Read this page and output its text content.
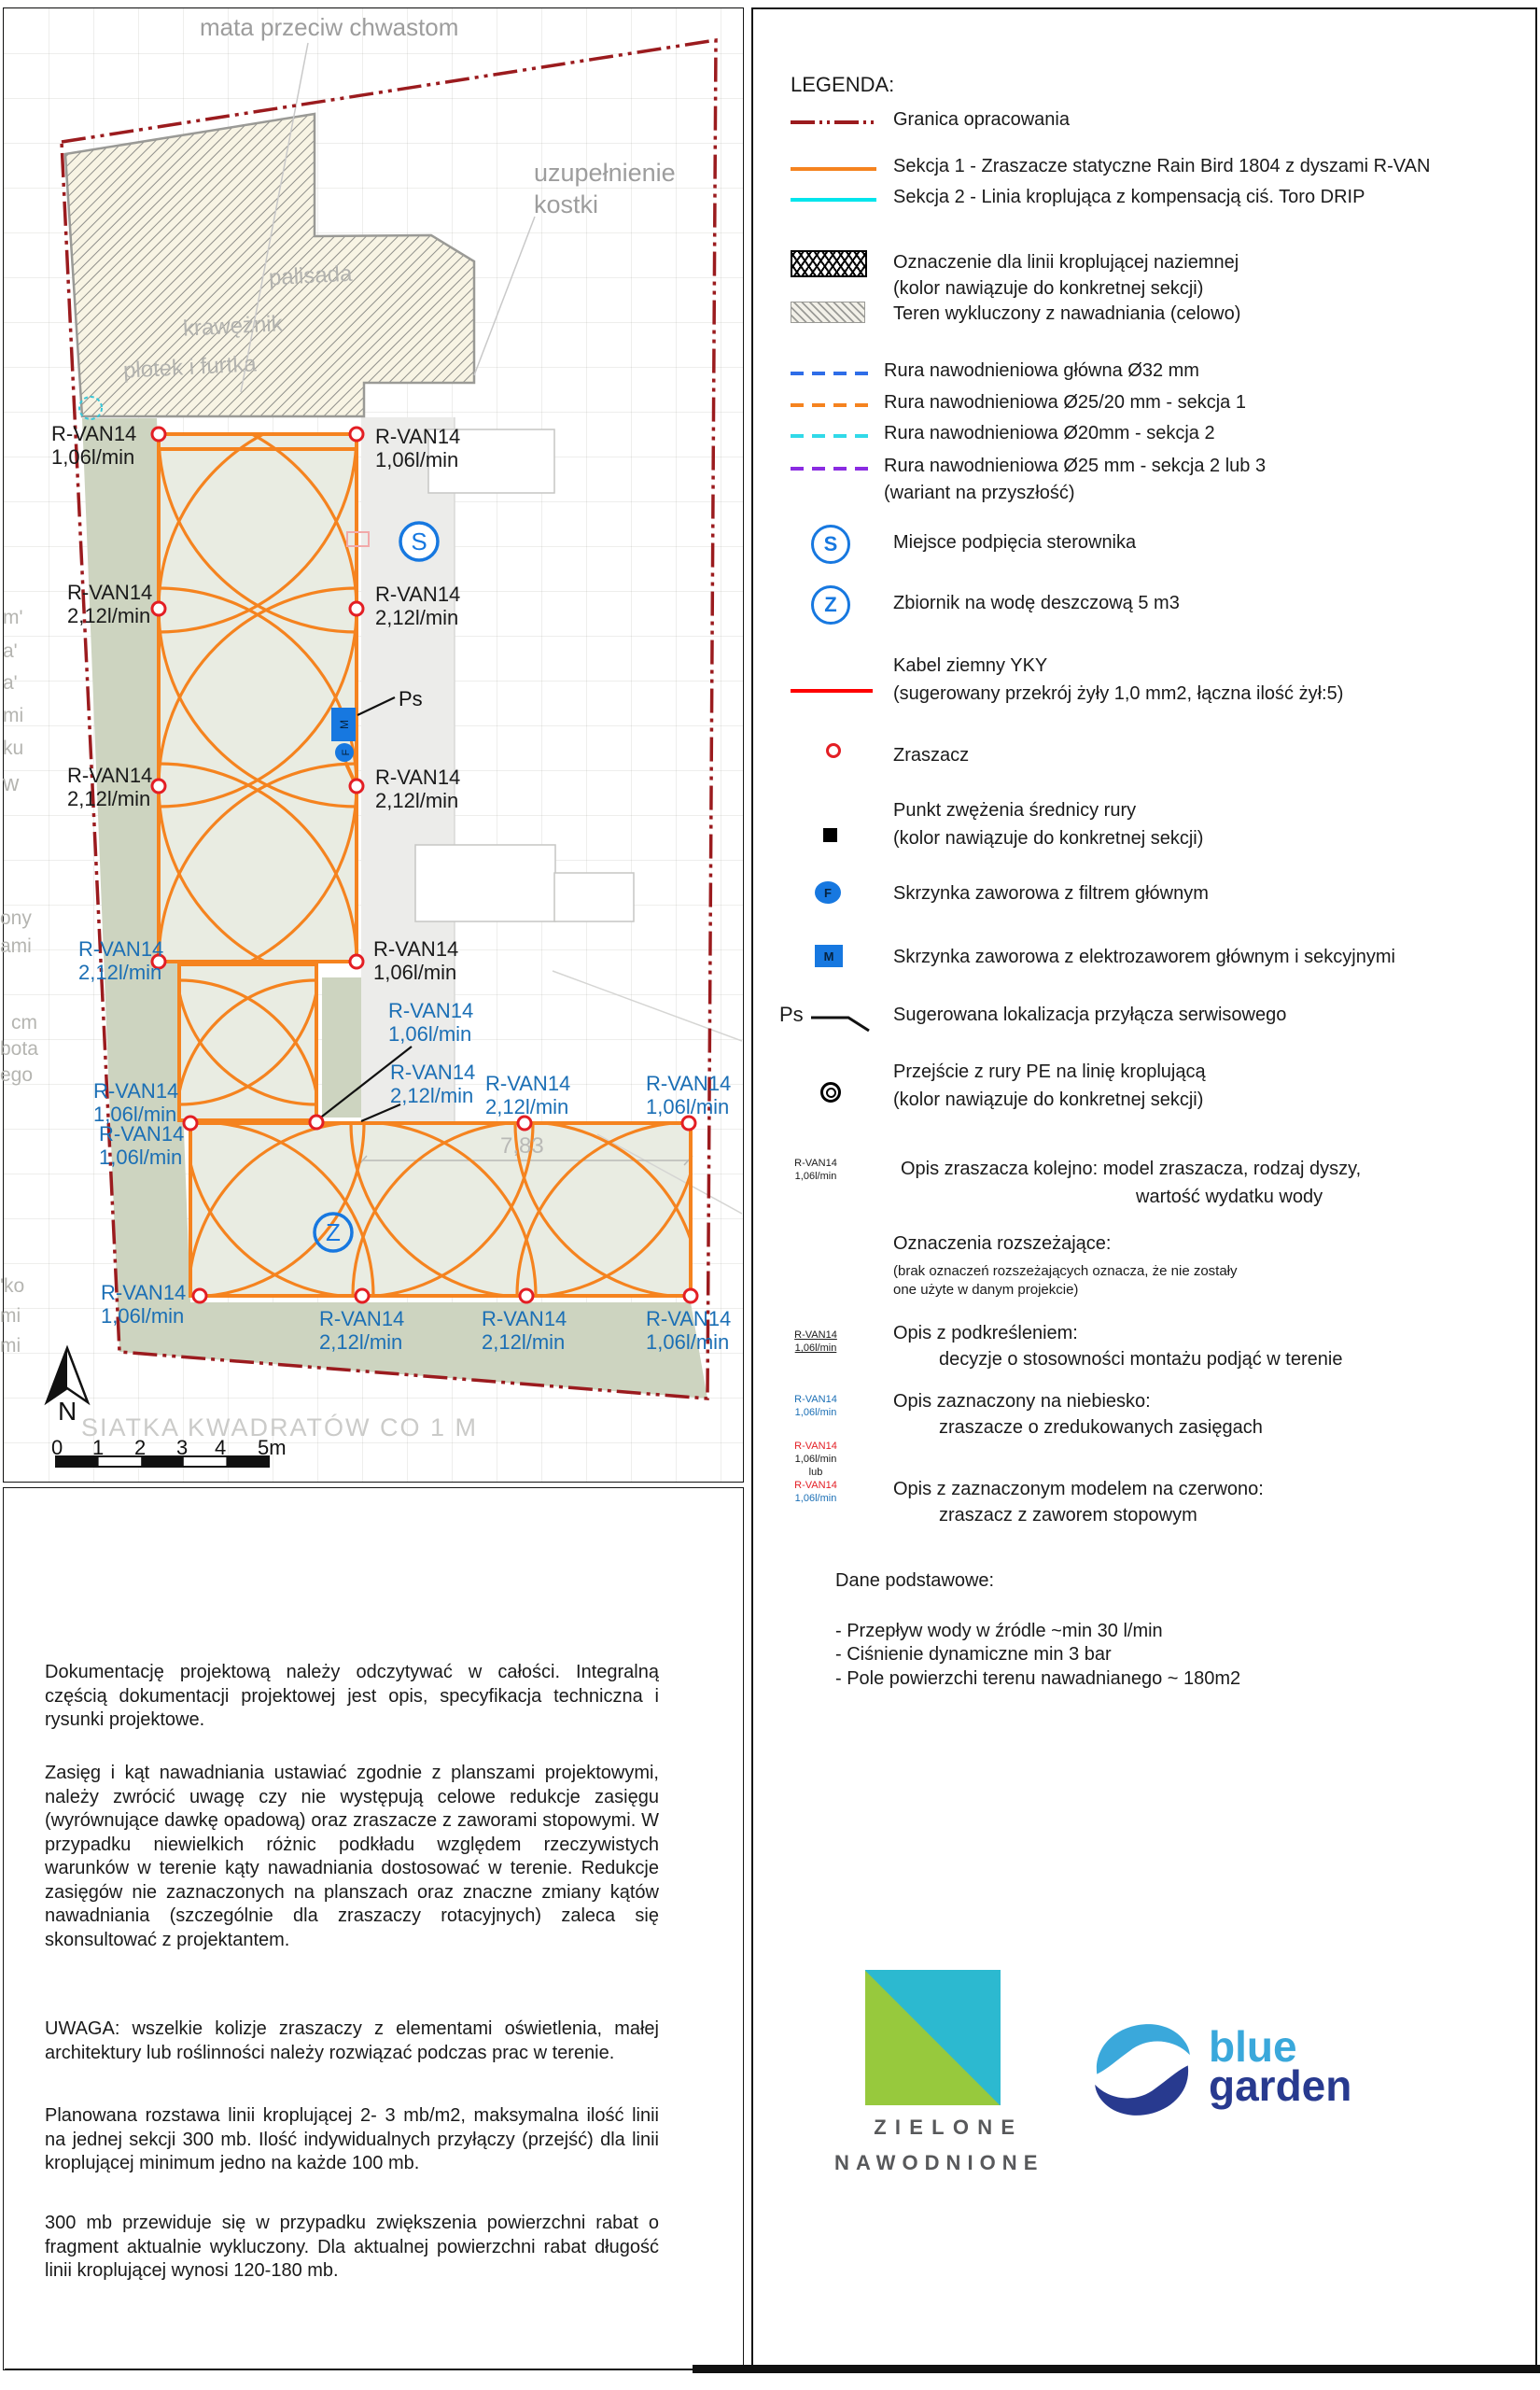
M
F
S
Z
mata przeciw chwastom
uzupełnienie
kostki
palisada
krawężnik
płotek i furtka
7,83
SIATKA KWADRATÓW CO 1 M
N
Ps
0 1 2 3 4 5m
m'
a'
a'
mi
ku
w
ony
ami
cm
bota
ego
'ko
mi
mi
R-VAN14
1,06l/min
R-VAN14
1,06l/min
R-VAN14
2,12l/min
R-VAN14
2,12l/min
R-VAN14
2,12l/min
R-VAN14
2,12l/min
R-VAN14
2,12l/min
R-VAN14
1,06l/min
R-VAN14
1,06l/min
R-VAN14
2,12l/min
R-VAN14
2,12l/min
R-VAN14
1,06l/min
R-VAN14
1,06l/min
R-VAN14
1,06l/min
R-VAN14
1,06l/min	R-VAN14
2,12l/min
R-VAN14
2,12l/min
R-VAN14
1,06l/min
LEGENDA:
Granica opracowania
Sekcja 1 - Zraszacze statyczne Rain Bird 1804 z dyszami R-VAN
Sekcja 2 - Linia kroplująca z kompensacją ciś. Toro DRIP
Oznaczenie dla linii kroplującej naziemnej
(kolor nawiązuje do konkretnej sekcji)
Teren wykluczony z nawadniania (celowo)
Rura nawodnieniowa główna Ø32 mm
Rura nawodnieniowa Ø25/20 mm - sekcja 1
Rura nawodnieniowa Ø20mm - sekcja 2
Rura nawodnieniowa Ø25 mm - sekcja 2 lub 3
(wariant na przyszłość)
S	Miejsce podpięcia sterownika
Z	Zbiornik na wodę deszczową 5 m3
Kabel ziemny YKY
(sugerowany przekrój żyły 1,0 mm2, łączna ilość żył:5)
Zraszacz
Punkt zwężenia średnicy rury
(kolor nawiązuje do konkretnej sekcji)
F	Skrzynka zaworowa z filtrem głównym
M	Skrzynka zaworowa z elektrozaworem głównym i sekcyjnymi
Ps	Sugerowana lokalizacja przyłącza serwisowego
Przejście z rury PE na linię kroplującą
(kolor nawiązuje do konkretnej sekcji)
R-VAN14
1,06l/min	Opis zraszacza kolejno: model zraszacza, rodzaj dyszy,
wartość wydatku wody
Oznaczenia rozszeżające:
(brak oznaczeń rozszeżających oznacza, że nie zostały
one użyte w danym projekcie)
R-VAN14
1,06l/min
Opis z podkreśleniem:
decyzje o stosowności montażu podjąć w terenie
R-VAN14
1,06l/min
Opis zaznaczony na niebiesko:
zraszacze o zredukowanych zasięgach
R-VAN14
1,06l/min
lub
R-VAN14
1,06l/min	Opis z zaznaczonym modelem na czerwono:
zraszacz z zaworem stopowym
Dane podstawowe:
- Przepływ wody w źródle ~min 30 l/min
- Ciśnienie dynamiczne min 3 bar
- Pole powierzchi terenu nawadnianego ~ 180m2
ZIELONE
NAWODNIONE
blue
garden
Dokumentację projektową należy odczytywać w całości. Integralną częścią dokumentacji projektowej jest opis, specyfikacja techniczna i rysunki projektowe.
Zasięg i kąt nawadniania ustawiać zgodnie z planszami projektowymi, należy zwrócić uwagę czy nie występują celowe redukcje zasięgu (wyrównujące dawkę opadową) oraz zraszacze z zaworami stopowymi. W przypadku niewielkich różnic podkładu względem rzeczywistych warunków w terenie kąty nawadniania dostosować w terenie. Redukcje zasięgów nie zaznaczonych na planszach oraz znaczne zmiany kątów nawadniania (szczególnie dla zraszaczy rotacyjnych) zaleca się skonsultować z projektantem.
UWAGA: wszelkie kolizje zraszaczy z elementami oświetlenia, małej architektury lub roślinności należy rozwiązać podczas prac w terenie.
Planowana rozstawa linii kroplującej 2- 3 mb/m2, maksymalna ilość linii na jednej sekcji 300 mb. Ilość indywidualnych przyłączy (przejść) dla linii kroplującej minimum jedno na każde 100 mb.
300 mb przewiduje się w przypadku zwiększenia powierzchni rabat o fragment aktualnie wykluczony. Dla aktualnej powierzchni rabat długość linii kroplującej wynosi 120-180 mb.
